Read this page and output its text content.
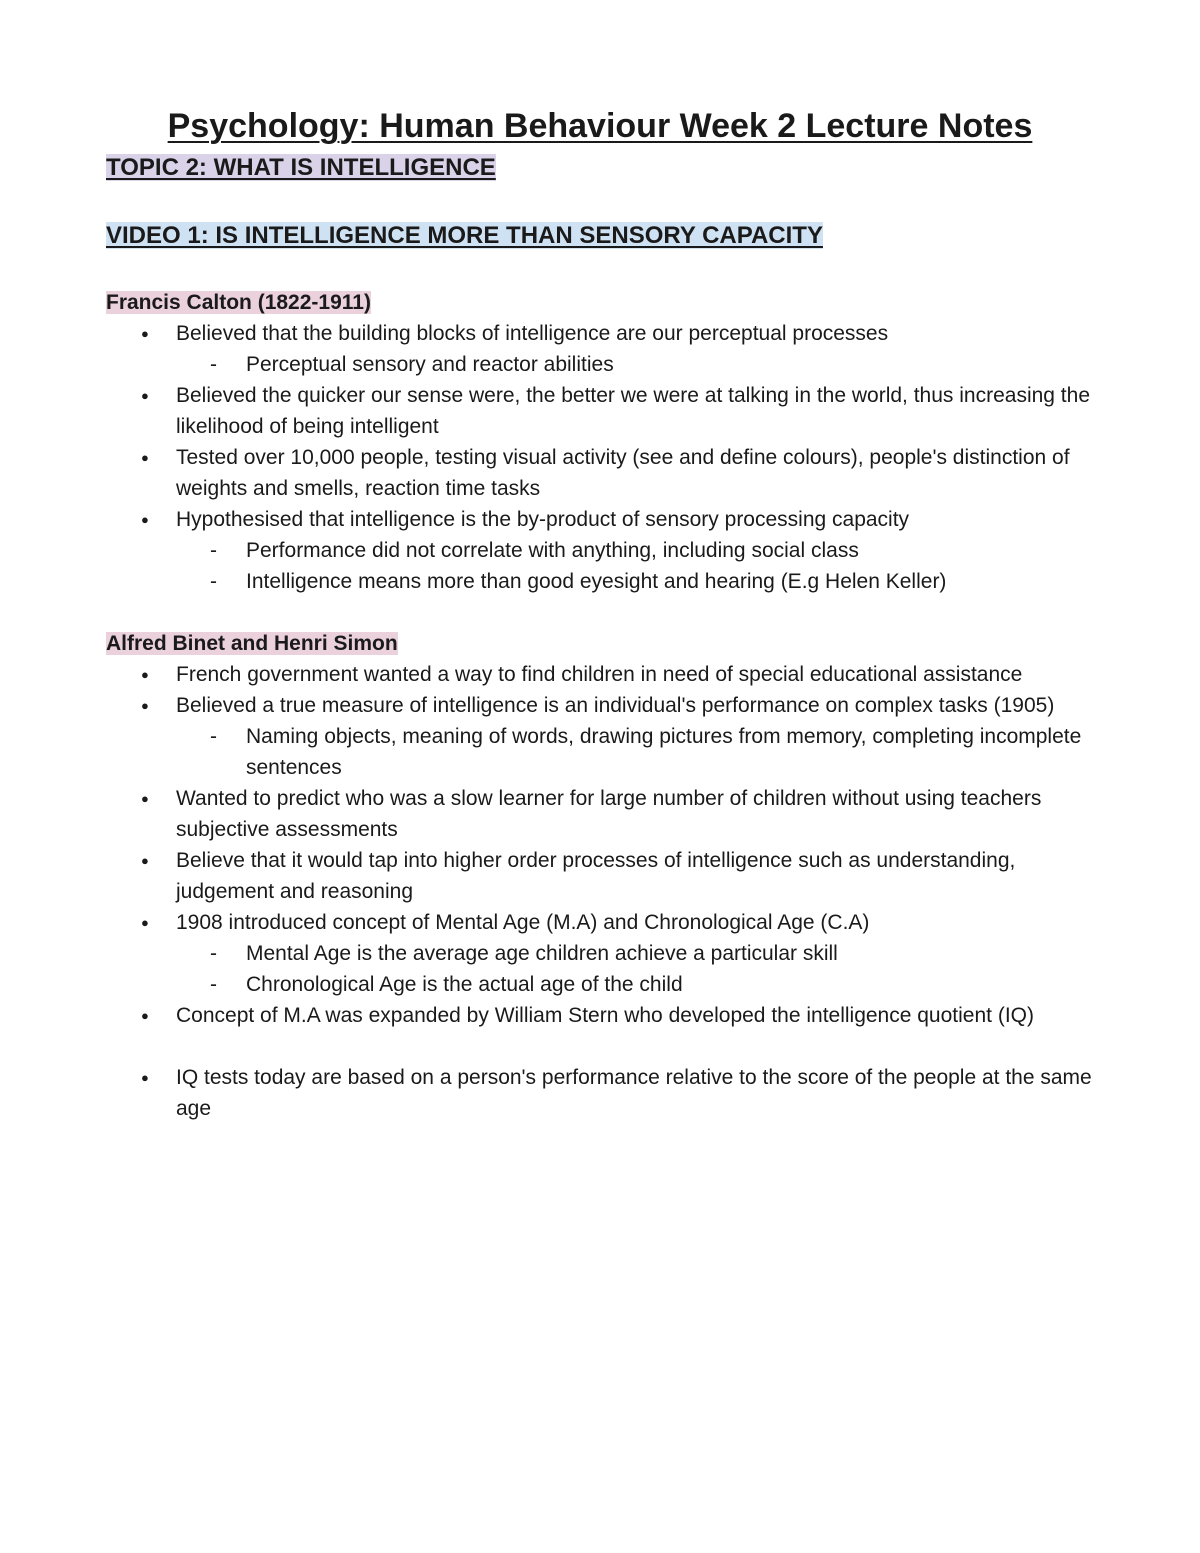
Psychology: Human Behaviour Week 2 Lecture Notes
TOPIC 2: WHAT IS INTELLIGENCE
VIDEO 1: IS INTELLIGENCE MORE THAN SENSORY CAPACITY
Francis Calton (1822-1911)
● Believed that the building blocks of intelligence are our perceptual processes
- Perceptual sensory and reactor abilities
● Believed the quicker our sense were, the better we were at talking in the world, thus increasing the likelihood of being intelligent
● Tested over 10,000 people, testing visual activity (see and define colours), people's distinction of weights and smells, reaction time tasks
● Hypothesised that intelligence is the by-product of sensory processing capacity
- Performance did not correlate with anything, including social class
- Intelligence means more than good eyesight and hearing (E.g Helen Keller)
Alfred Binet and Henri Simon
● French government wanted a way to find children in need of special educational assistance
● Believed a true measure of intelligence is an individual's performance on complex tasks (1905)
- Naming objects, meaning of words, drawing pictures from memory, completing incomplete sentences
● Wanted to predict who was a slow learner for large number of children without using teachers subjective assessments
● Believe that it would tap into higher order processes of intelligence such as understanding, judgement and reasoning
● 1908 introduced concept of Mental Age (M.A) and Chronological Age (C.A)
- Mental Age is the average age children achieve a particular skill
- Chronological Age is the actual age of the child
● Concept of M.A was expanded by William Stern who developed the intelligence quotient (IQ)
● IQ tests today are based on a person's performance relative to the score of the people at the same age
